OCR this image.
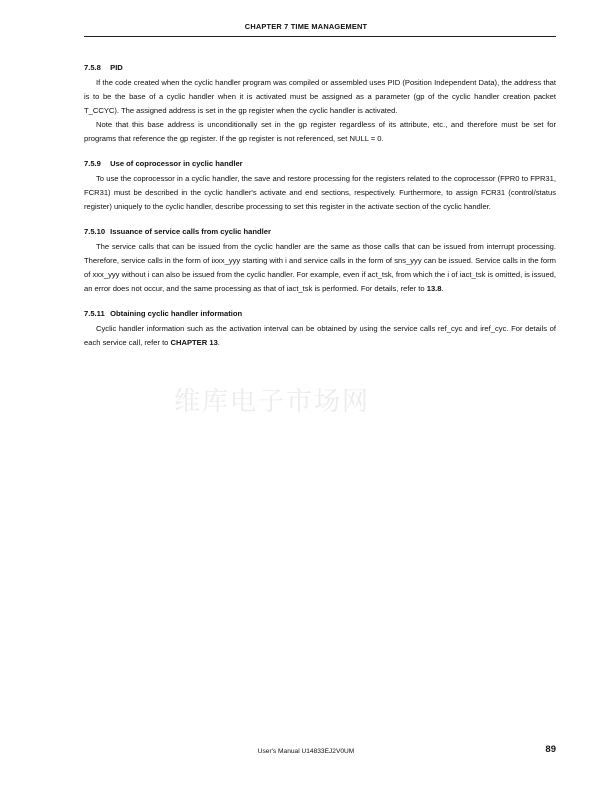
CHAPTER 7 TIME MANAGEMENT
7.5.8 PID

If the code created when the cyclic handler program was compiled or assembled uses PID (Position Independent Data), the address that is to be the base of a cyclic handler when it is activated must be assigned as a parameter (gp of the cyclic handler creation packet T_CCYC). The assigned address is set in the gp register when the cyclic handler is activated.

Note that this base address is unconditionally set in the gp register regardless of its attribute, etc., and therefore must be set for programs that reference the gp register. If the gp register is not referenced, set NULL = 0.

7.5.9 Use of coprocessor in cyclic handler

To use the coprocessor in a cyclic handler, the save and restore processing for the registers related to the coprocessor (FPR0 to FPR31, FCR31) must be described in the cyclic handler's activate and end sections, respectively. Furthermore, to assign FCR31 (control/status register) uniquely to the cyclic handler, describe processing to set this register in the activate section of the cyclic handler.

7.5.10 Issuance of service calls from cyclic handler

The service calls that can be issued from the cyclic handler are the same as those calls that can be issued from interrupt processing. Therefore, service calls in the form of ixxx_yyy starting with i and service calls in the form of sns_yyy can be issued. Service calls in the form of xxx_yyy without i can also be issued from the cyclic handler. For example, even if act_tsk, from which the i of iact_tsk is omitted, is issued, an error does not occur, and the same processing as that of iact_tsk is performed. For details, refer to 13.8.

7.5.11 Obtaining cyclic handler information

Cyclic handler information such as the activation interval can be obtained by using the service calls ref_cyc and iref_cyc. For details of each service call, refer to CHAPTER 13.

维库电子市场网
User's Manual U14833EJ2V0UM	89
